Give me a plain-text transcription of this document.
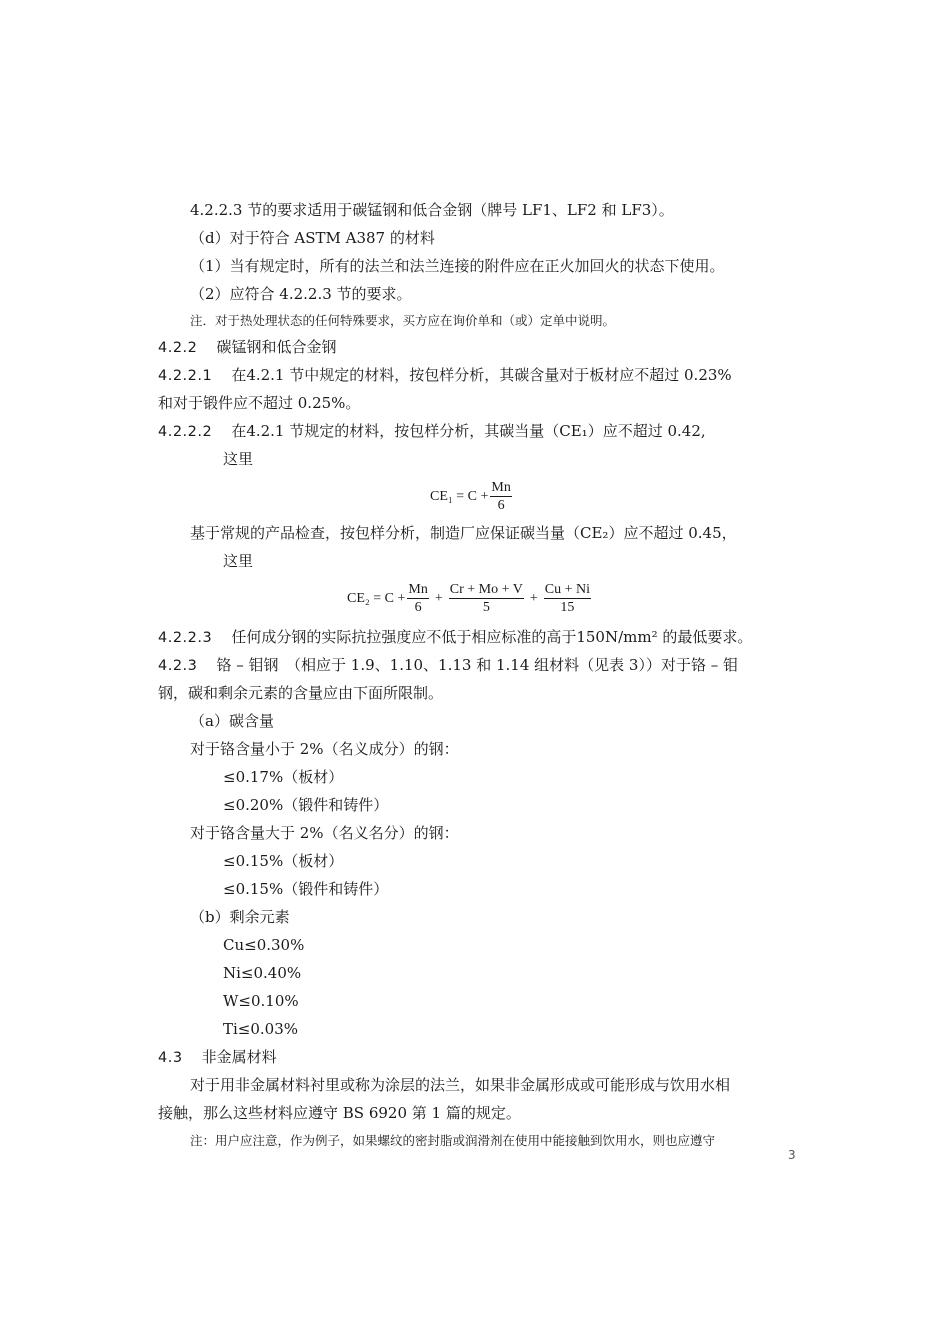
4.2.2.3 节的要求适用于碳锰钢和低合金钢（牌号 LF1、LF2 和 LF3）。
（d）对于符合 ASTM A387 的材料
（1）当有规定时，所有的法兰和法兰连接的附件应在正火加回火的状态下使用。
（2）应符合 4.2.2.3 节的要求。
注．对于热处理状态的任何特殊要求，买方应在询价单和（或）定单中说明。
4.2.2 碳锰钢和低合金钢
4.2.2.1 在4.2.1 节中规定的材料，按包样分析，其碳含量对于板材应不超过 0.23%
和对于锻件应不超过 0.25%。
4.2.2.2 在4.2.1 节规定的材料，按包样分析，其碳当量（CE₁）应不超过 0.42,
这里
$CE_1 = C + \frac{Mn}{6}$
基于常规的产品检查，按包样分析，制造厂应保证碳当量（CE₂）应不超过 0.45，
这里
$CE_2 = C + \frac{Mn}{6} + \frac{Cr + Mo + V}{5} + \frac{Cu + Ni}{15}$
4.2.2.3 任何成分钢的实际抗拉强度应不低于相应标准的高于150N/mm² 的最低要求。
4.2.3 铬 – 钼钢　（相应于 1.9、1.10、1.13 和 1.14 组材料（见表 3））对于铬 – 钼
钢，碳和剩余元素的含量应由下面所限制。
（a）碳含量
对于铬含量小于 2%（名义成分）的钢：
≤0.17%（板材）
≤0.20%（锻件和铸件）
对于铬含量大于 2%（名义名分）的钢：
≤0.15%（板材）
≤0.15%（锻件和铸件）
（b）剩余元素
Cu≤0.30%
Ni≤0.40%
W≤0.10%
Ti≤0.03%
4.3 非金属材料
对于用非金属材料衬里或称为涂层的法兰，如果非金属形成或可能形成与饮用水相
接触，那么这些材料应遵守 BS 6920 第 1 篇的规定。
注：用户应注意，作为例子，如果螺纹的密封脂或润滑剂在使用中能接触到饮用水，则也应遵守
3
